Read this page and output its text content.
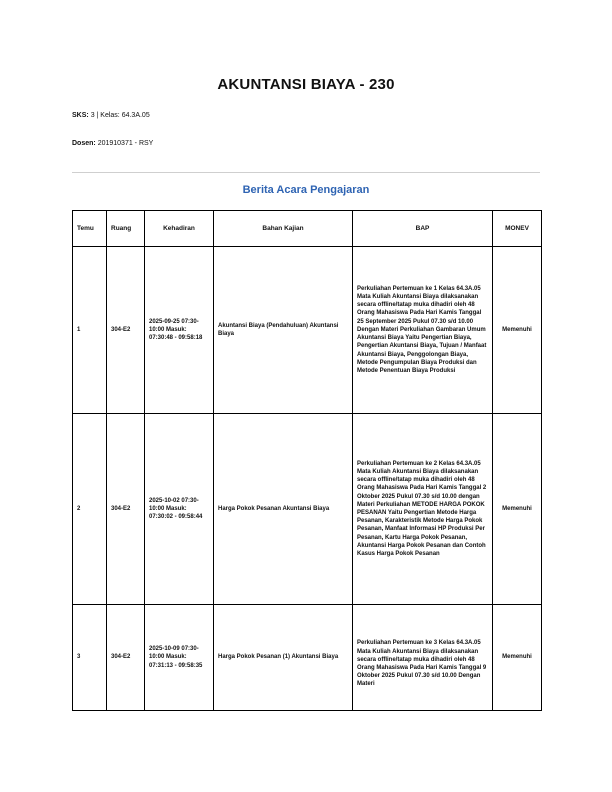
AKUNTANSI BIAYA - 230
SKS: 3 | Kelas: 64.3A.05
Dosen: 201910371 - RSY
Berita Acara Pengajaran
Temu	Ruang	Kehadiran	Bahan Kajian	BAP	MONEV
1	304-E2	2025-09-25 07:30-10:00 Masuk: 07:30:48 - 09:58:18	Akuntansi Biaya (Pendahuluan) Akuntansi Biaya	Perkuliahan Pertemuan ke 1 Kelas 64.3A.05 Mata Kuliah Akuntansi Biaya dilaksanakan secara offline/tatap muka dihadiri oleh 48 Orang Mahasiswa Pada Hari Kamis Tanggal 25 September 2025 Pukul 07.30 s/d 10.00 Dengan Materi Perkuliahan Gambaran Umum Akuntansi Biaya Yaitu Pengertian Biaya, Pengertian Akuntansi Biaya, Tujuan / Manfaat Akuntansi Biaya, Penggolongan Biaya, Metode Pengumpulan Biaya Produksi dan Metode Penentuan Biaya Produksi	Memenuhi
2	304-E2	2025-10-02 07:30-10:00 Masuk: 07:30:02 - 09:58:44	Harga Pokok Pesanan Akuntansi Biaya	Perkuliahan Pertemuan ke 2 Kelas 64.3A.05 Mata Kuliah Akuntansi Biaya dilaksanakan secara offline/tatap muka dihadiri oleh 48 Orang Mahasiswa Pada Hari Kamis Tanggal 2 Oktober 2025 Pukul 07.30 s/d 10.00 dengan Materi Perkuliahan METODE HARGA POKOK PESANAN Yaitu Pengertian Metode Harga Pesanan, Karakteristik Metode Harga Pokok Pesanan, Manfaat Informasi HP Produksi Per Pesanan, Kartu Harga Pokok Pesanan, Akuntansi Harga Pokok Pesanan dan Contoh Kasus Harga Pokok Pesanan	Memenuhi
3	304-E2	2025-10-09 07:30-10:00 Masuk: 07:31:13 - 09:58:35	Harga Pokok Pesanan (1) Akuntansi Biaya	Perkuliahan Pertemuan ke 3 Kelas 64.3A.05 Mata Kuliah Akuntansi Biaya dilaksanakan secara offline/tatap muka dihadiri oleh 48 Orang Mahasiswa Pada Hari Kamis Tanggal 9 Oktober 2025 Pukul 07.30 s/d 10.00 Dengan Materi	Memenuhi
